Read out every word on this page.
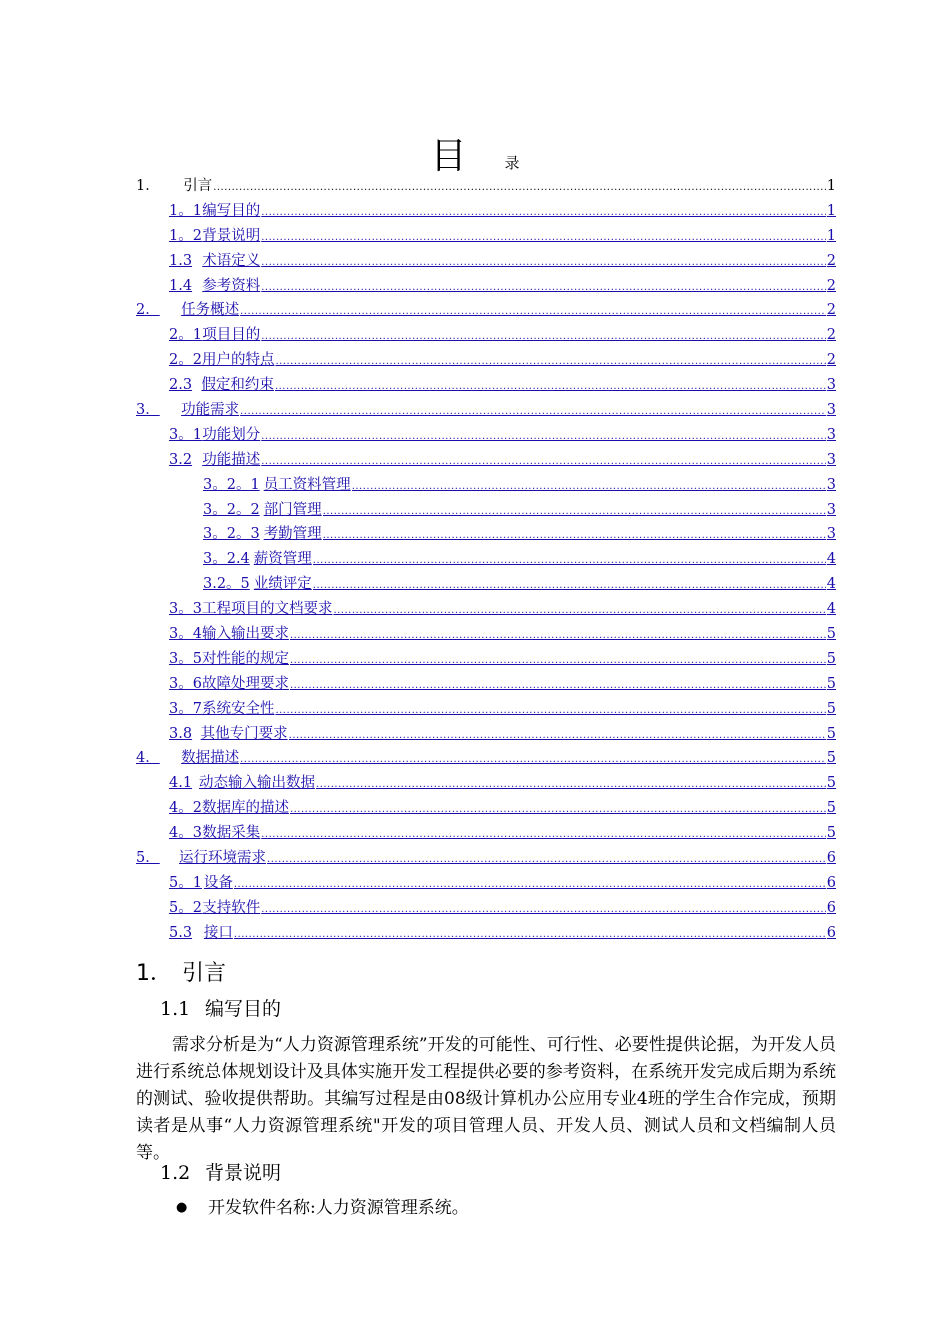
目	录
1．	引言 .....	1
1。1 编写目的 .....	1
1。2 背景说明 .....	1
1.3 术语定义 .....	2
1.4 参考资料 .....	2
2．	任务概述 .....	2
2。1 项目目的 .....	2
2。2 用户的特点 .....	2
2.3 假定和约束 .....	3
3．	功能需求 .....	3
3。1 功能划分 .....	3
3.2 功能描述 .....	3
3。2。1 员工资料管理 .....	3
3。2。2 部门管理 .....	3
3。2。3 考勤管理 .....	3
3。2.4 薪资管理 .....	4
3.2。5 业绩评定 .....	4
3。3 工程项目的文档要求 .....	4
3。4 输入输出要求 .....	5
3。5 对性能的规定 .....	5
3。6 故障处理要求 .....	5
3。7 系统安全性 .....	5
3.8 其他专门要求 .....	5
4．	数据描述 .....	5
4.1 动态输入输出数据 .....	5
4。2 数据库的描述 .....	5
4。3 数据采集 .....	5
5．	运行环境需求 .....	6
5。1 设备 .....	6
5。2 支持软件 .....	6
5.3 接口 .....	6
1． 引言
1.1 编写目的
需求分析是为“人力资源管理系统”开发的可能性、可行性、必要性提供论据，为开发人员进行系统总体规划设计及具体实施开发工程提供必要的参考资料，在系统开发完成后期为系统的测试、验收提供帮助。其编写过程是由08级计算机办公应用专业4班的学生合作完成，预期读者是从事“人力资源管理系统"开发的项目管理人员、开发人员、测试人员和文档编制人员等。
1.2 背景说明
● 开发软件名称:人力资源管理系统。
